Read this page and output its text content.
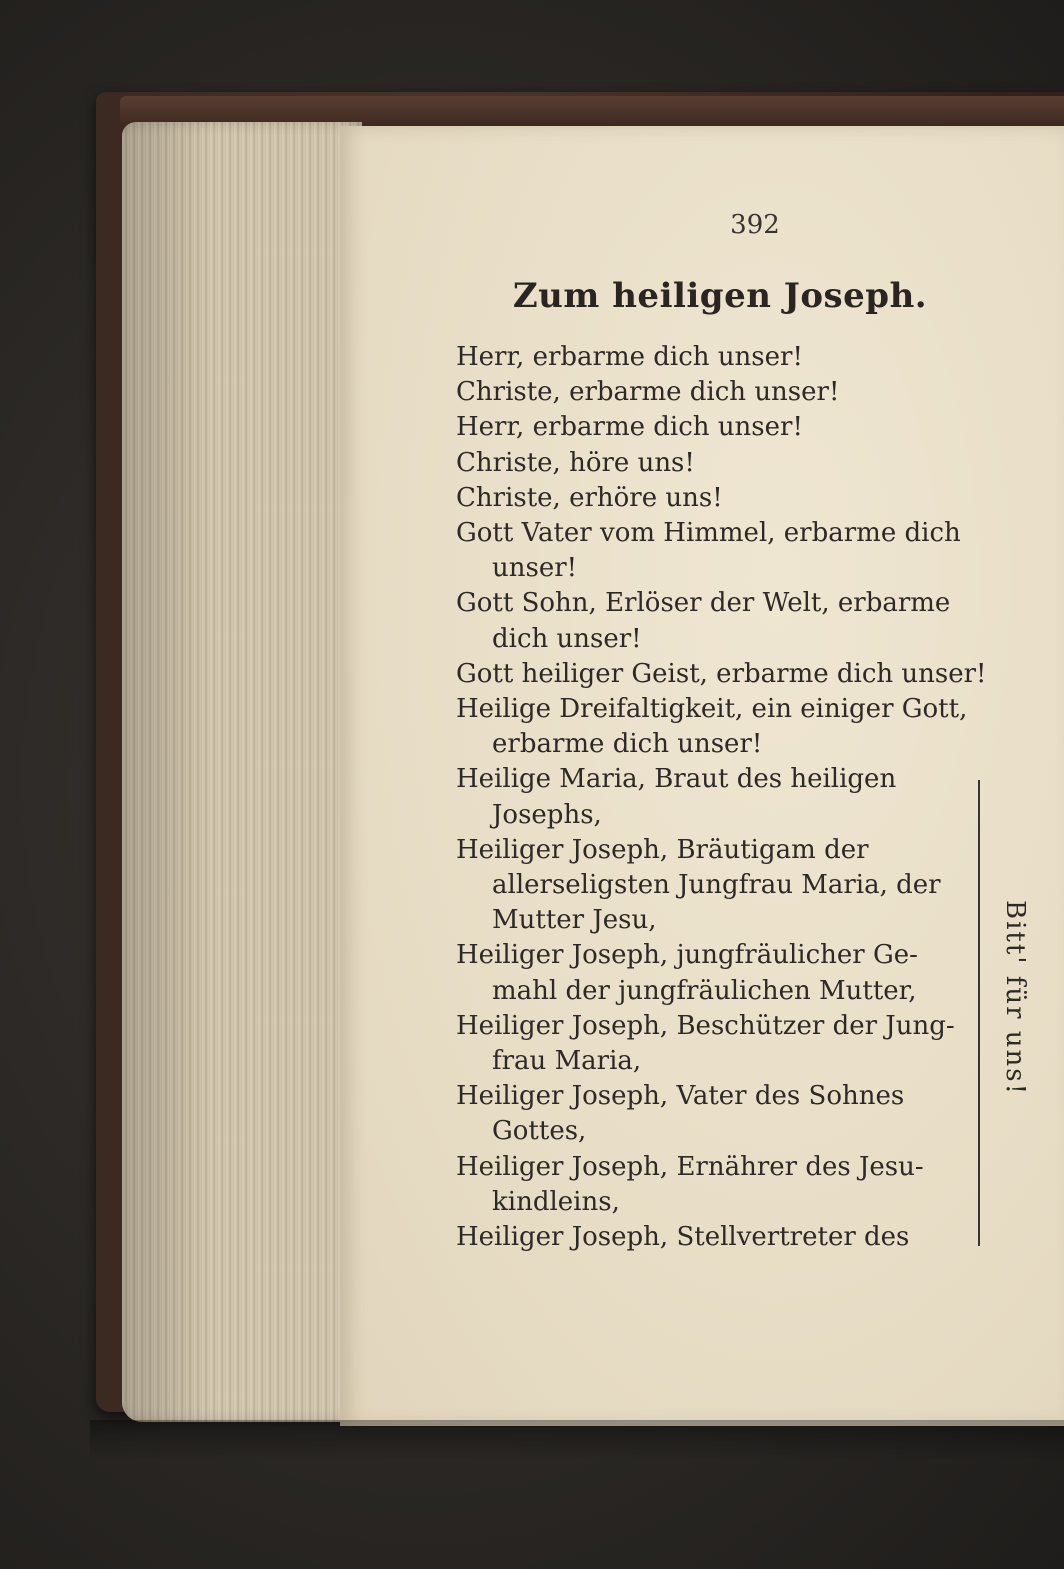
392
Zum heiligen Joseph.
Herr, erbarme dich unser!
Christe, erbarme dich unser!
Herr, erbarme dich unser!
Christe, höre uns!
Christe, erhöre uns!
Gott Vater vom Himmel, erbarme dich
unser!
Gott Sohn, Erlöser der Welt, erbarme
dich unser!
Gott heiliger Geist, erbarme dich unser!
Heilige Dreifaltigkeit, ein einiger Gott,
erbarme dich unser!
Heilige Maria, Braut des heiligen
Josephs,
Heiliger Joseph, Bräutigam der
allerseligsten Jungfrau Maria, der
Mutter Jesu,
Heiliger Joseph, jungfräulicher Ge-
mahl der jungfräulichen Mutter,
Heiliger Joseph, Beschützer der Jung-
frau Maria,
Heiliger Joseph, Vater des Sohnes
Gottes,
Heiliger Joseph, Ernährer des Jesu-
kindleins,
Heiliger Joseph, Stellvertreter des
Bitt' für uns!
